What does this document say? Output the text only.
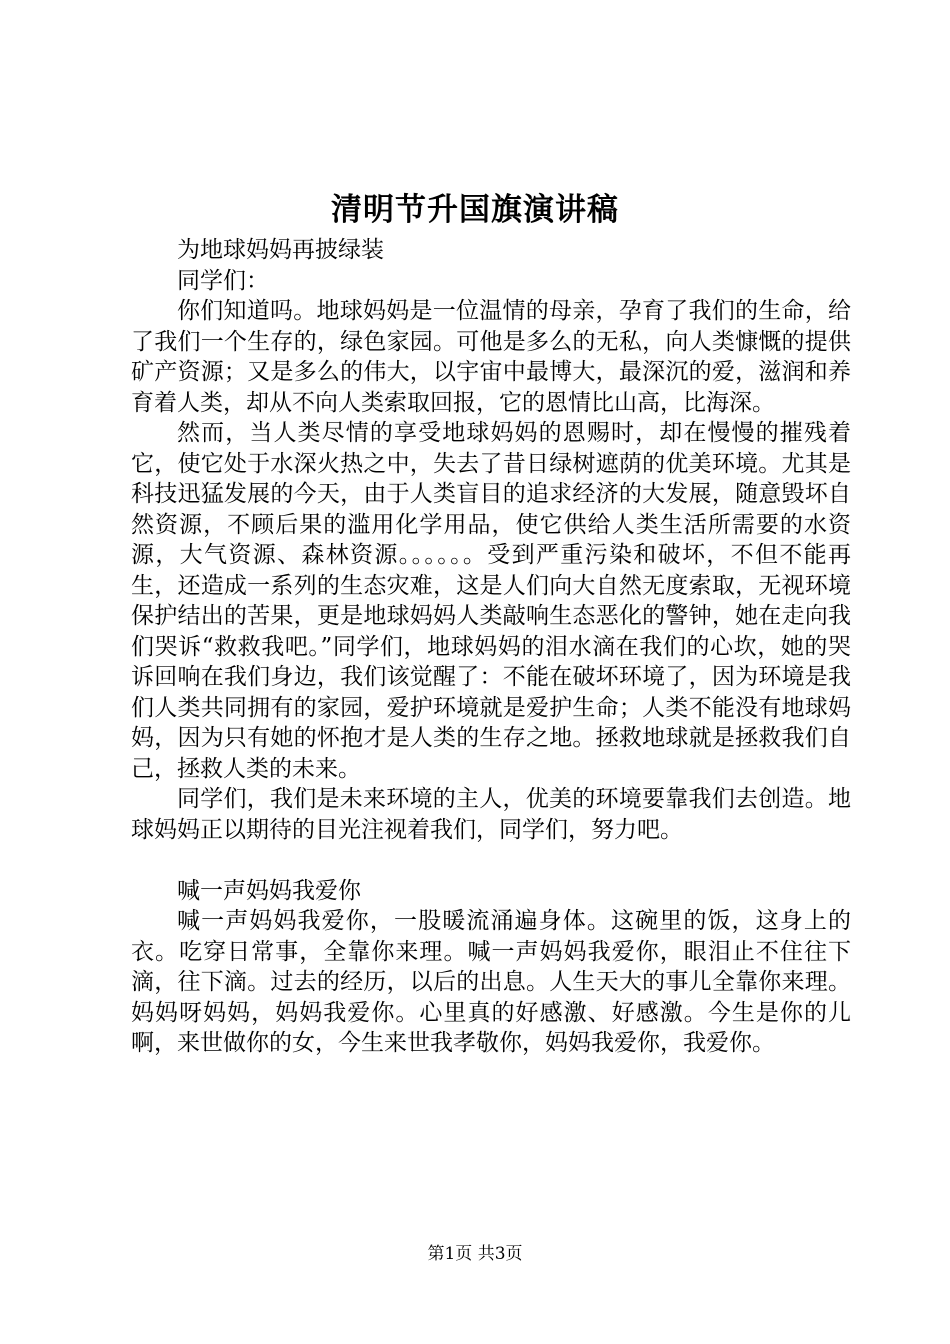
清明节升国旗演讲稿

为地球妈妈再披绿装

同学们：

你们知道吗。地球妈妈是一位温情的母亲，孕育了我们的生命，给了我们一个生存的，绿色家园。可他是多么的无私，向人类慷慨的提供矿产资源；又是多么的伟大，以宇宙中最博大，最深沉的爱，滋润和养育着人类，却从不向人类索取回报，它的恩情比山高，比海深。

然而，当人类尽情的享受地球妈妈的恩赐时，却在慢慢的摧残着它，使它处于水深火热之中，失去了昔日绿树遮荫的优美环境。尤其是科技迅猛发展的今天，由于人类盲目的追求经济的大发展，随意毁坏自然资源，不顾后果的滥用化学用品，使它供给人类生活所需要的水资源，大气资源、森林资源。。。。。。受到严重污染和破坏，不但不能再生，还造成一系列的生态灾难，这是人们向大自然无度索取，无视环境保护结出的苦果，更是地球妈妈人类敲响生态恶化的警钟，她在走向我们哭诉“救救我吧。”同学们，地球妈妈的泪水滴在我们的心坎，她的哭诉回响在我们身边，我们该觉醒了：不能在破坏环境了，因为环境是我们人类共同拥有的家园，爱护环境就是爱护生命；人类不能没有地球妈妈，因为只有她的怀抱才是人类的生存之地。拯救地球就是拯救我们自己，拯救人类的未来。

同学们，我们是未来环境的主人，优美的环境要靠我们去创造。地球妈妈正以期待的目光注视着我们，同学们，努力吧。

喊一声妈妈我爱你

喊一声妈妈我爱你，一股暖流涌遍身体。这碗里的饭，这身上的衣。吃穿日常事，全靠你来理。喊一声妈妈我爱你，眼泪止不住往下滴，往下滴。过去的经历，以后的出息。人生天大的事儿全靠你来理。妈妈呀妈妈，妈妈我爱你。心里真的好感激、好感激。今生是你的儿啊，来世做你的女，今生来世我孝敬你，妈妈我爱你，我爱你。

第1页 共3页
